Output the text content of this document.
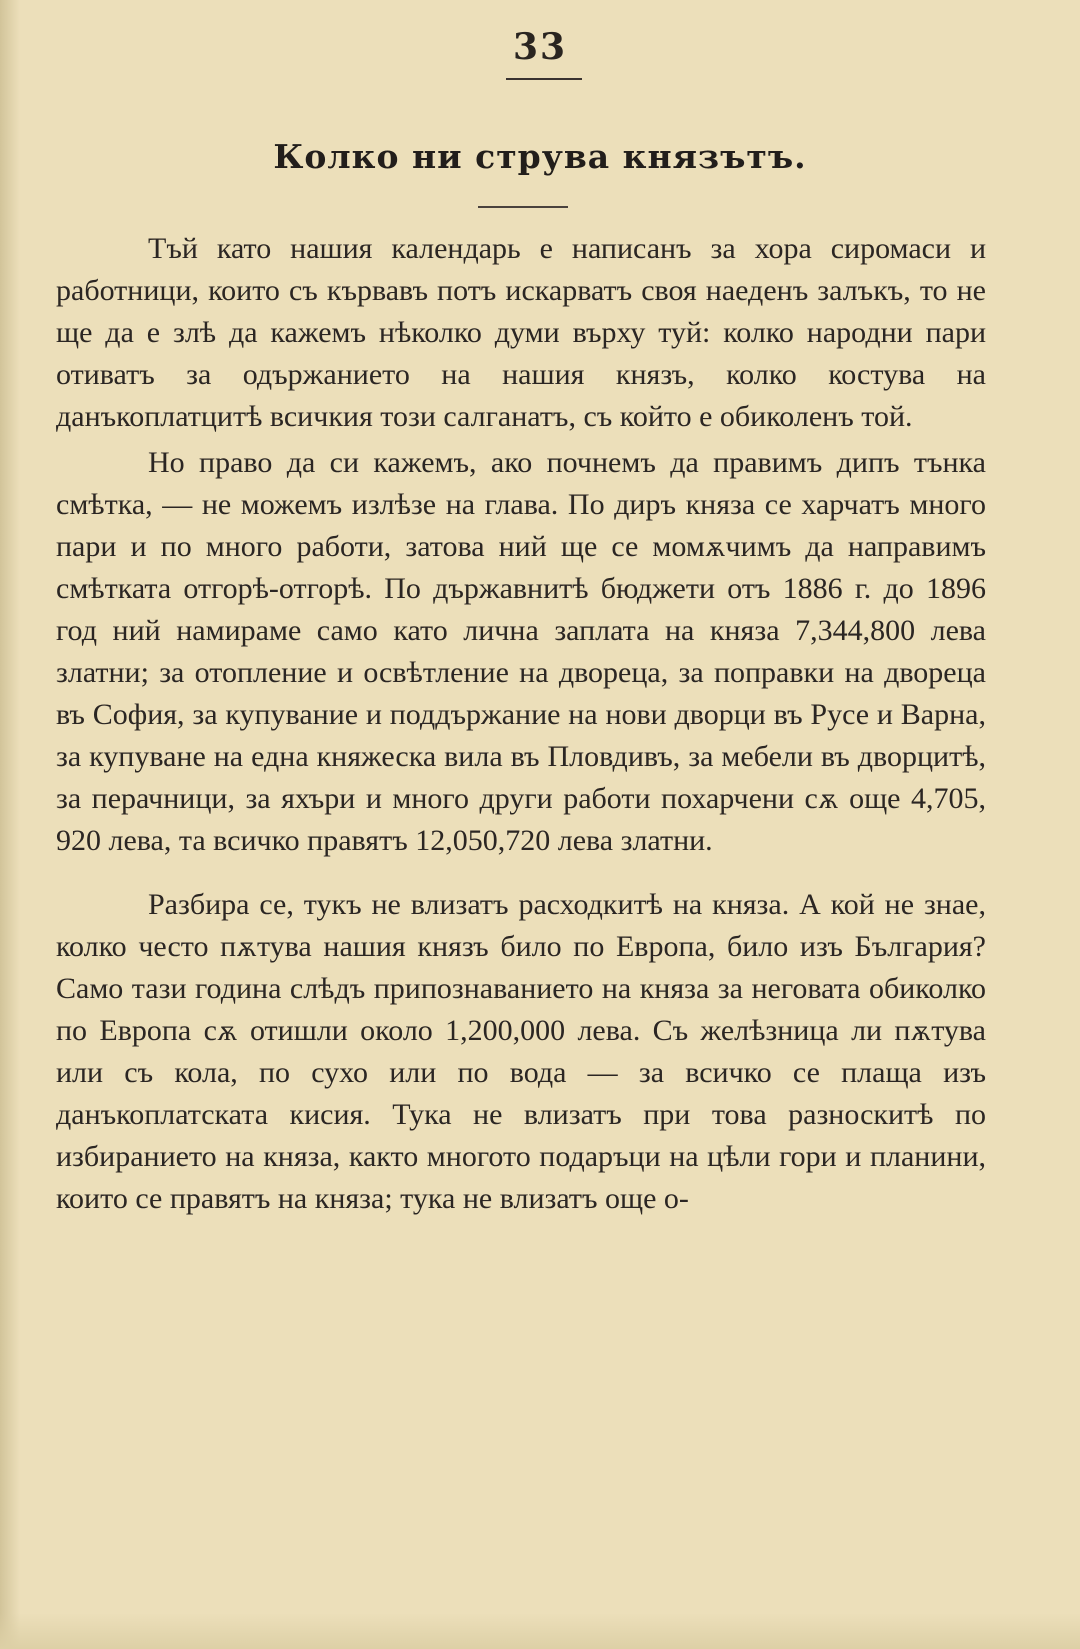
33
Колко ни струва князътъ.

Тъй като нашия календарь е написанъ за хора сиромаси и работници, които съ кървавъ потъ искарватъ своя наеденъ залъкъ, то не ще да е злѣ да кажемъ нѣколко думи върху туй: колко народни пари отиватъ за одържанието на нашия князъ, колко костува на данъкоплатцитѣ всичкия този салганатъ, съ който е обиколенъ той.

Но право да си кажемъ, ако почнемъ да правимъ дипъ тънка смѣтка, — не можемъ излѣзе на глава. По диръ княза се харчатъ много пари и по много работи, затова ний ще се момѫчимъ да направимъ смѣтката отгорѣ-отгорѣ. По държавнитѣ бюджети отъ 1886 г. до 1896 год ний намираме само като лична заплата на княза 7,344,800 лева златни; за отопление и освѣтление на двореца, за поправки на двореца въ София, за купувание и поддържание на нови дворци въ Русе и Варна, за купуване на една княжеска вила въ Пловдивъ, за мебели въ дворцитѣ, за перачници, за яхъри и много други работи похарчени сѫ още 4,705, 920 лева, та всичко правятъ 12,050,720 лева златни.

Разбира се, тукъ не влизатъ расходкитѣ на княза. А кой не знае, колко често пѫтува нашия князъ било по Европа, било изъ България? Само тази година слѣдъ припознаванието на княза за неговата обиколко по Европа сѫ отишли около 1,200,000 лева. Съ желѣзница ли пѫтува или съ кола, по сухо или по вода — за всичко се плаща изъ данъкоплатската кисия. Тука не влизатъ при това разноскитѣ по избиранието на княза, както многото подаръци на цѣли гори и планини, които се правятъ на княза; тука не влизатъ още о-
